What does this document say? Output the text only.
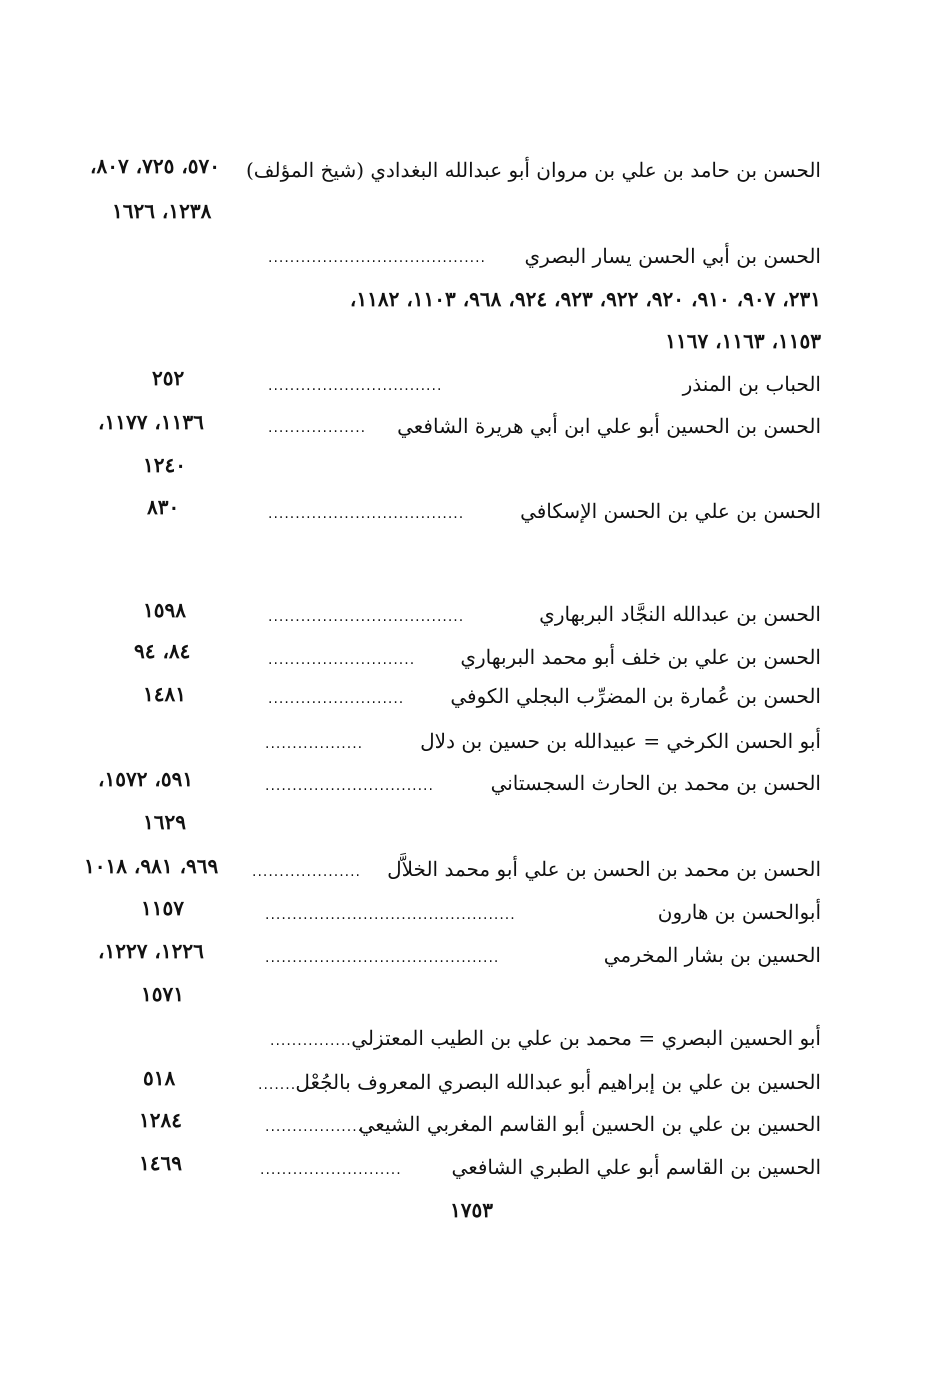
الحسن بن حامد بن علي بن مروان أبو عبدالله البغدادي (شيخ المؤلف)
٥٧٠، ٧٢٥، ٨٠٧،
١٢٣٨، ١٦٢٦
الحسن بن أبي الحسن يسار البصري
........................................
٢٣١، ٩٠٧، ٩١٠، ٩٢٠، ٩٢٢، ٩٢٣، ٩٢٤، ٩٦٨، ١١٠٣، ١١٨٢،
١١٥٣، ١١٦٣، ١١٦٧
الحباب بن المنذر
................................
٢٥٢
الحسن بن الحسين أبو علي ابن أبي هريرة الشافعي
..................
١١٣٦، ١١٧٧،
١٢٤٠
الحسن بن علي بن الحسن الإسكافي
....................................
٨٣٠
الحسن بن عبدالله النجَّاد البربهاري
....................................
١٥٩٨
الحسن بن علي بن خلف أبو محمد البربهاري
...........................
٨٤، ٩٤
الحسن بن عُمارة بن المضرِّب البجلي الكوفي
.........................
١٤٨١
أبو الحسن الكرخي = عبيدالله بن حسين بن دلال
..................
الحسن بن محمد بن الحارث السجستاني
...............................
٥٩١، ١٥٧٢،
١٦٢٩
الحسن بن محمد بن الحسن بن علي أبو محمد الخلاَّل
....................
٩٦٩، ٩٨١، ١٠١٨
أبوالحسن بن هارون
..............................................
١١٥٧
الحسين بن بشار المخرمي
...........................................
١٢٢٦، ١٢٢٧،
١٥٧١
أبو الحسين البصري = محمد بن علي بن الطيب المعتزلي
...............
الحسين بن علي بن إبراهيم أبو عبدالله البصري المعروف بالجُعْل
.......
٥١٨
الحسين بن علي بن الحسين أبو القاسم المغربي الشيعي
..................
١٢٨٤
الحسين بن القاسم أبو علي الطبري الشافعي
..........................
١٤٦٩
١٧٥٣
